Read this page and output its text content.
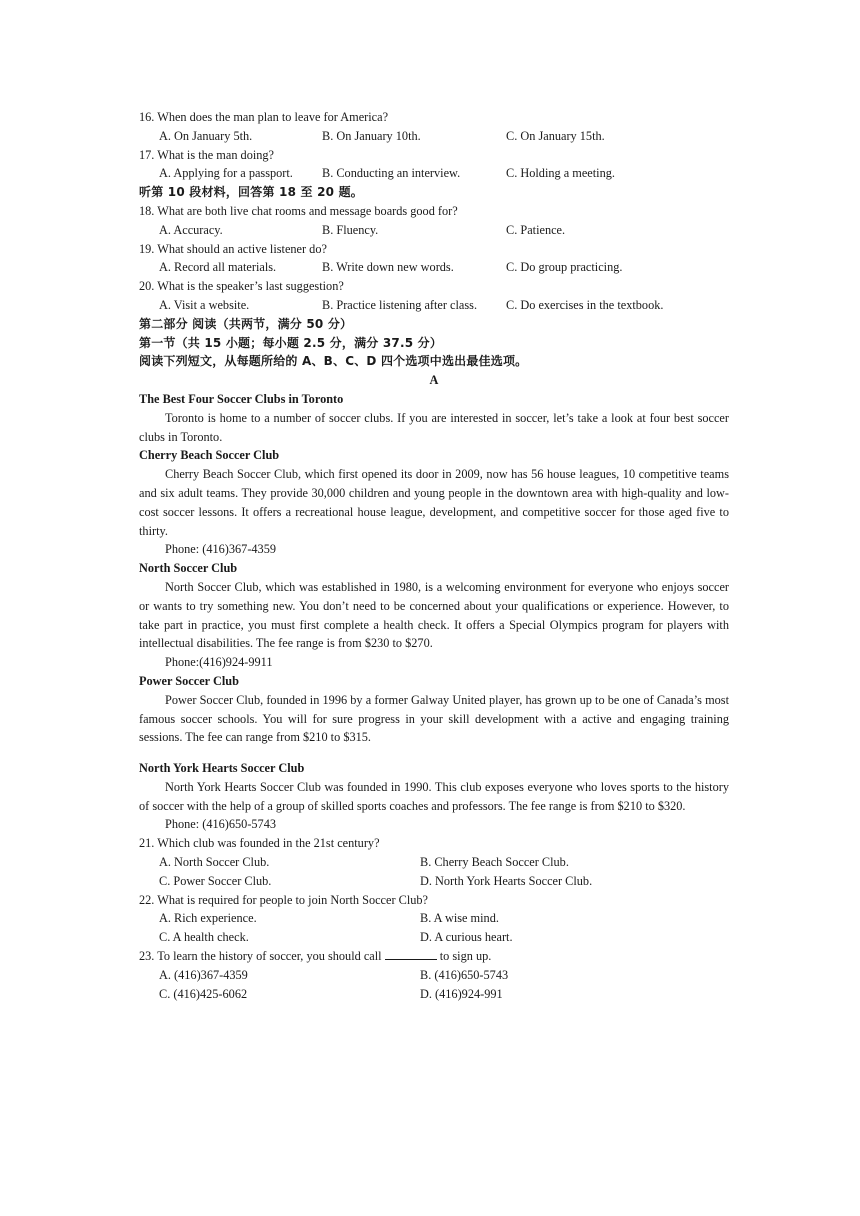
16. When does the man plan to leave for America?
A. On January 5th.	B. On January 10th.	C. On January 15th.
17. What is the man doing?
A. Applying for a passport. B. Conducting an interview.	C. Holding a meeting.
听第 10 段材料，回答第 18 至 20 题。
18. What are both live chat rooms and message boards good for?
A. Accuracy.	B. Fluency.	C. Patience.
19. What should an active listener do?
A. Record all materials.	B. Write down new words.	C. Do group practicing.
20. What is the speaker’s last suggestion?
A. Visit a website.	B. Practice listening after class. C. Do exercises in the textbook.
第二部分 阅读（共两节，满分 50 分）
第一节（共 15 小题；每小题 2.5 分，满分 37.5 分）
阅读下列短文，从每题所给的 A、B、C、D 四个选项中选出最佳选项。
A
The Best Four Soccer Clubs in Toronto
Toronto is home to a number of soccer clubs. If you are interested in soccer, let’s take a look at four best soccer clubs in Toronto.
Cherry Beach Soccer Club
Cherry Beach Soccer Club, which first opened its door in 2009, now has 56 house leagues, 10 competitive teams and six adult teams. They provide 30,000 children and young people in the downtown area with high-quality and low-cost soccer lessons. It offers a recreational house league, development, and competitive soccer for those aged five to thirty.
Phone: (416)367-4359
North Soccer Club
North Soccer Club, which was established in 1980, is a welcoming environment for everyone who enjoys soccer or wants to try something new. You don’t need to be concerned about your qualifications or experience. However, to take part in practice, you must first complete a health check. It offers a Special Olympics program for players with intellectual disabilities. The fee range is from $230 to $270.
Phone:(416)924-9911
Power Soccer Club
Power Soccer Club, founded in 1996 by a former Galway United player, has grown up to be one of Canada’s most famous soccer schools. You will for sure progress in your skill development with a active and engaging training sessions. The fee can range from $210 to $315.
North York Hearts Soccer Club
North York Hearts Soccer Club was founded in 1990. This club exposes everyone who loves sports to the history of soccer with the help of a group of skilled sports coaches and professors. The fee range is from $210 to $320.
Phone: (416)650-5743
21. Which club was founded in the 21st century?
A. North Soccer Club.	B. Cherry Beach Soccer Club.
C. Power Soccer Club.	D. North York Hearts Soccer Club.
22. What is required for people to join North Soccer Club?
A. Rich experience.	B. A wise mind.
C. A health check.	D. A curious heart.
23. To learn the history of soccer, you should call	to sign up.
A. (416)367-4359	B. (416)650-5743
C. (416)425-6062	D. (416)924-991
